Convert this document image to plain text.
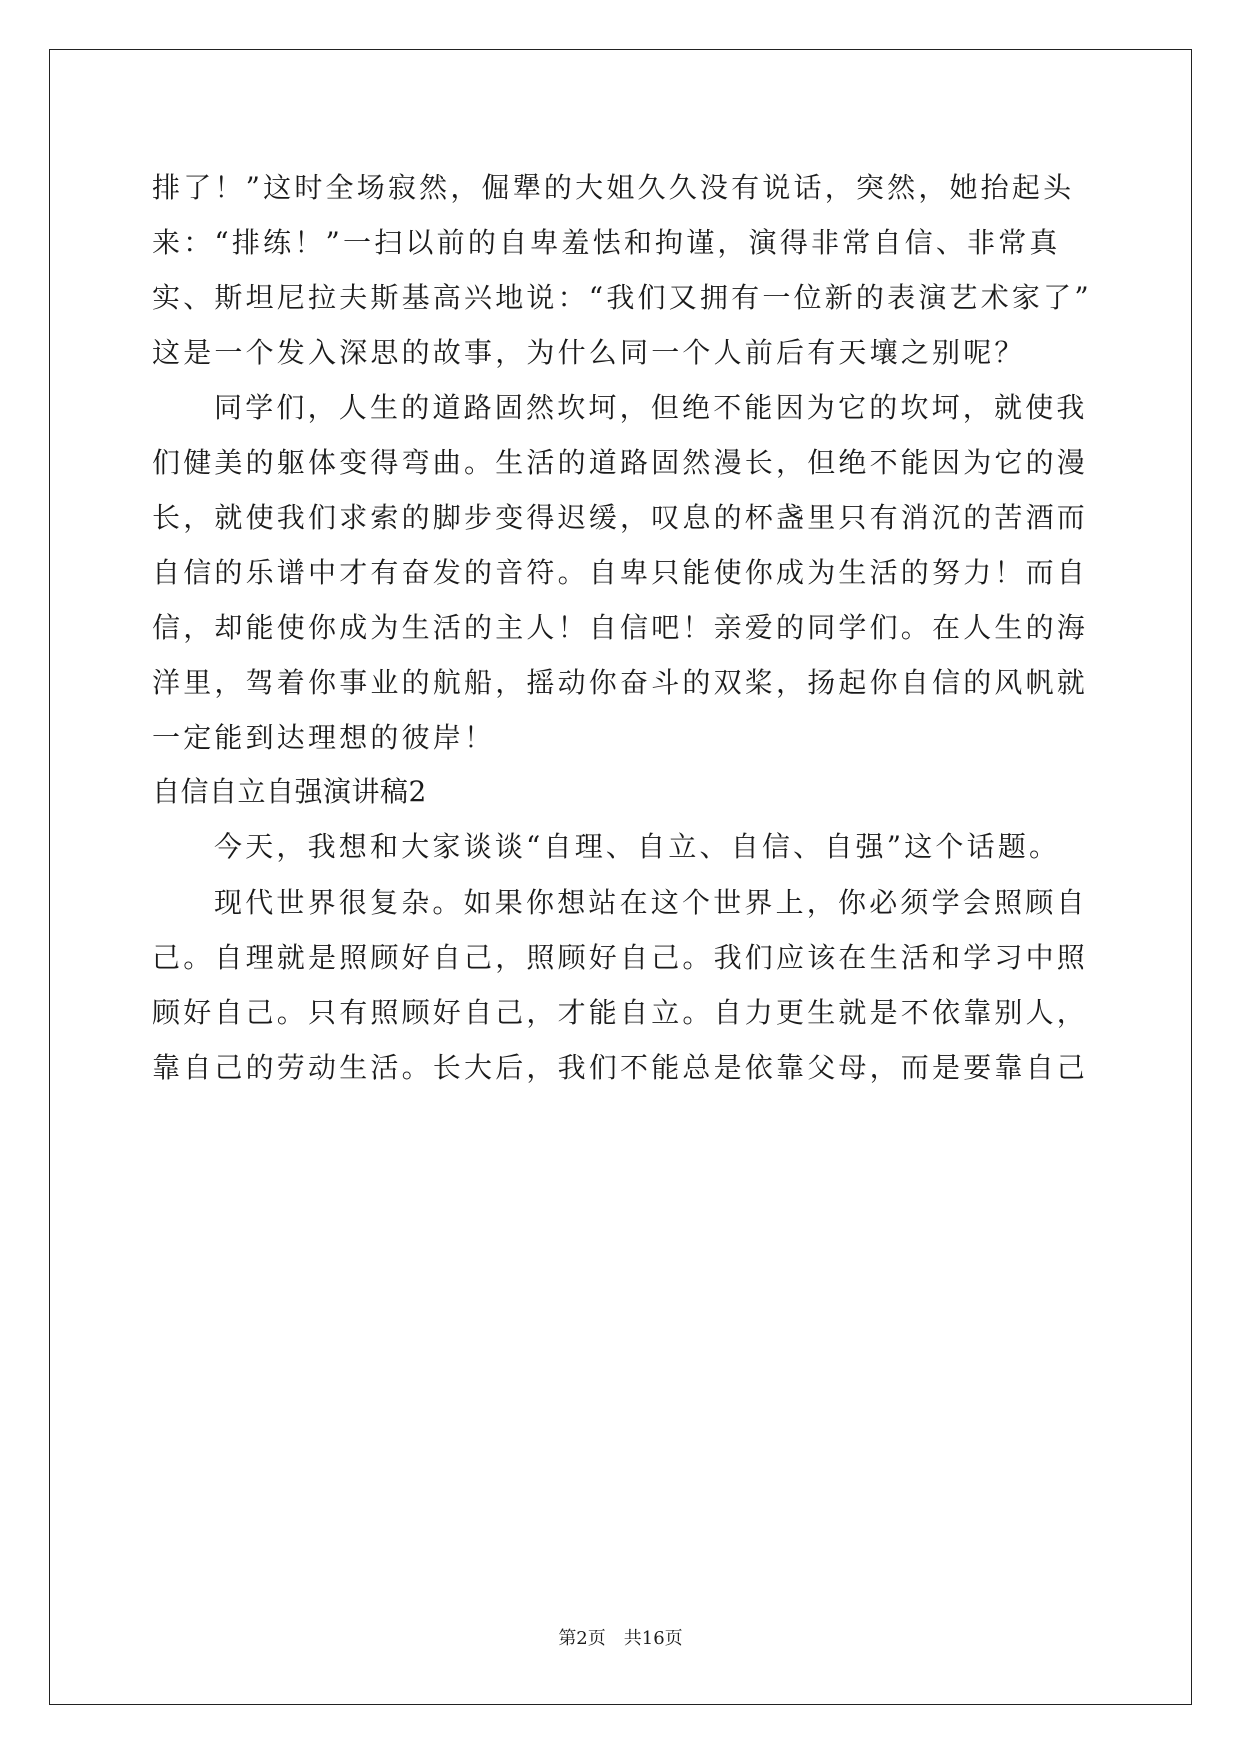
排了！”这时全场寂然，倔犟的大姐久久没有说话，突然，她抬起头
来：“排练！”一扫以前的自卑羞怯和拘谨，演得非常自信、非常真
实、斯坦尼拉夫斯基高兴地说：“我们又拥有一位新的表演艺术家了”
这是一个发入深思的故事，为什么同一个人前后有天壤之别呢？
同学们，人生的道路固然坎坷，但绝不能因为它的坎坷，就使我
们健美的躯体变得弯曲。生活的道路固然漫长，但绝不能因为它的漫
长，就使我们求索的脚步变得迟缓，叹息的杯盏里只有消沉的苦酒而
自信的乐谱中才有奋发的音符。自卑只能使你成为生活的努力！而自
信，却能使你成为生活的主人！自信吧！亲爱的同学们。在人生的海
洋里，驾着你事业的航船，摇动你奋斗的双桨，扬起你自信的风帆就
一定能到达理想的彼岸！
自信自立自强演讲稿2
今天，我想和大家谈谈“自理、自立、自信、自强”这个话题。
现代世界很复杂。如果你想站在这个世界上，你必须学会照顾自
己。自理就是照顾好自己，照顾好自己。我们应该在生活和学习中照
顾好自己。只有照顾好自己，才能自立。自力更生就是不依靠别人，
靠自己的劳动生活。长大后，我们不能总是依靠父母，而是要靠自己
第2页　共16页
